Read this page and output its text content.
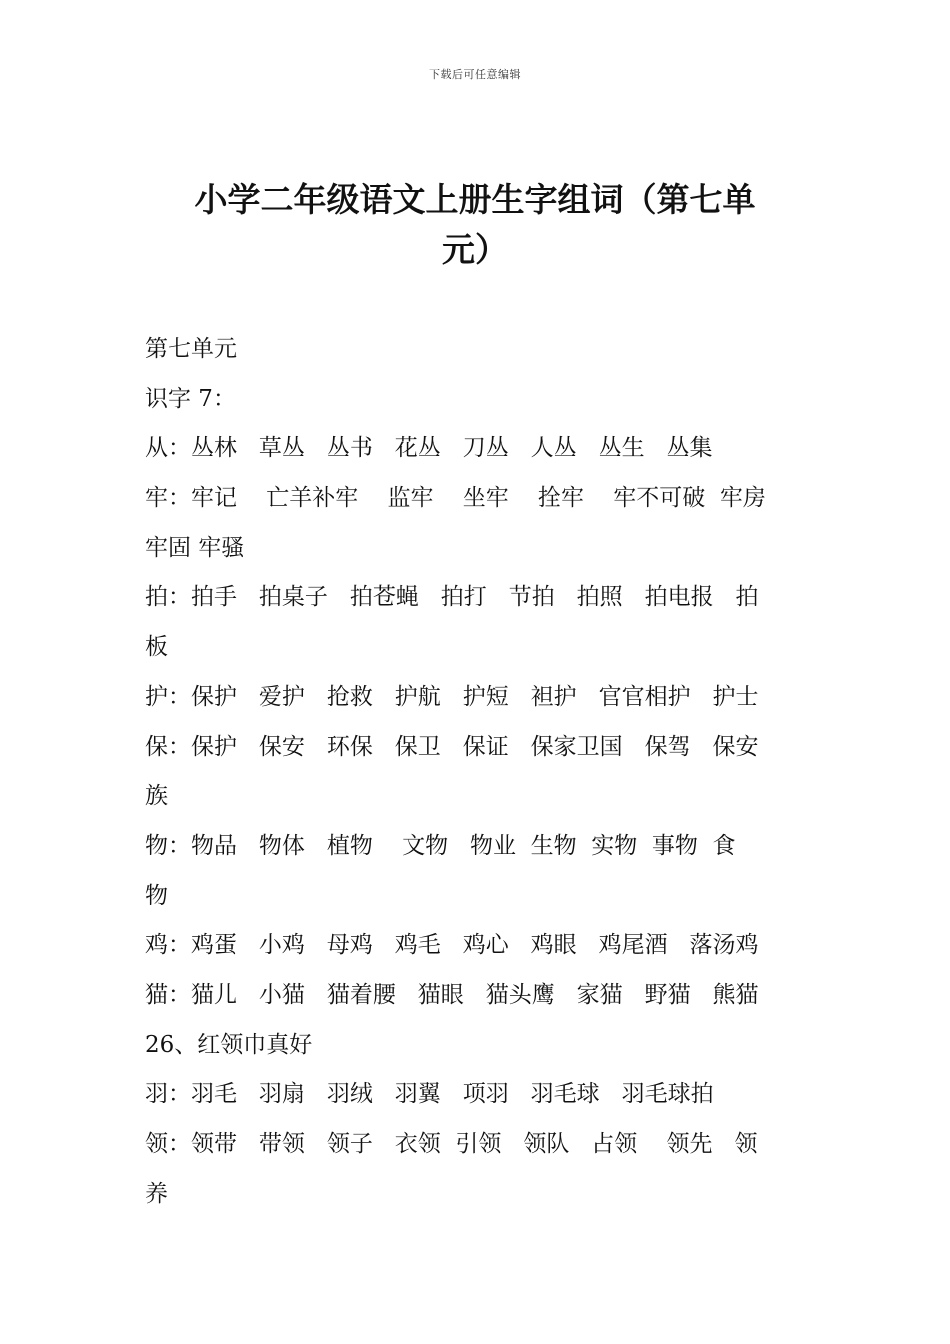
下载后可任意编辑
小学二年级语文上册生字组词（第七单
元）
第七单元
识字 7：
从：丛林   草丛   丛书   花丛   刀丛   人丛   丛生   丛集
牢：牢记    亡羊补牢    监牢    坐牢    拴牢    牢不可破  牢房
牢固 牢骚
拍：拍手   拍桌子   拍苍蝇   拍打   节拍   拍照   拍电报   拍
板
护：保护   爱护   抢救   护航   护短   袒护   官官相护   护士
保：保护   保安   环保   保卫   保证   保家卫国   保驾   保安
族
物：物品   物体   植物    文物   物业  生物  实物  事物  食
物
鸡：鸡蛋   小鸡   母鸡   鸡毛   鸡心   鸡眼   鸡尾酒   落汤鸡
猫：猫儿   小猫   猫着腰   猫眼   猫头鹰   家猫   野猫   熊猫
26、红领巾真好
羽：羽毛   羽扇   羽绒   羽翼   项羽   羽毛球   羽毛球拍
领：领带   带领   领子   衣领  引领   领队   占领    领先   领
养
